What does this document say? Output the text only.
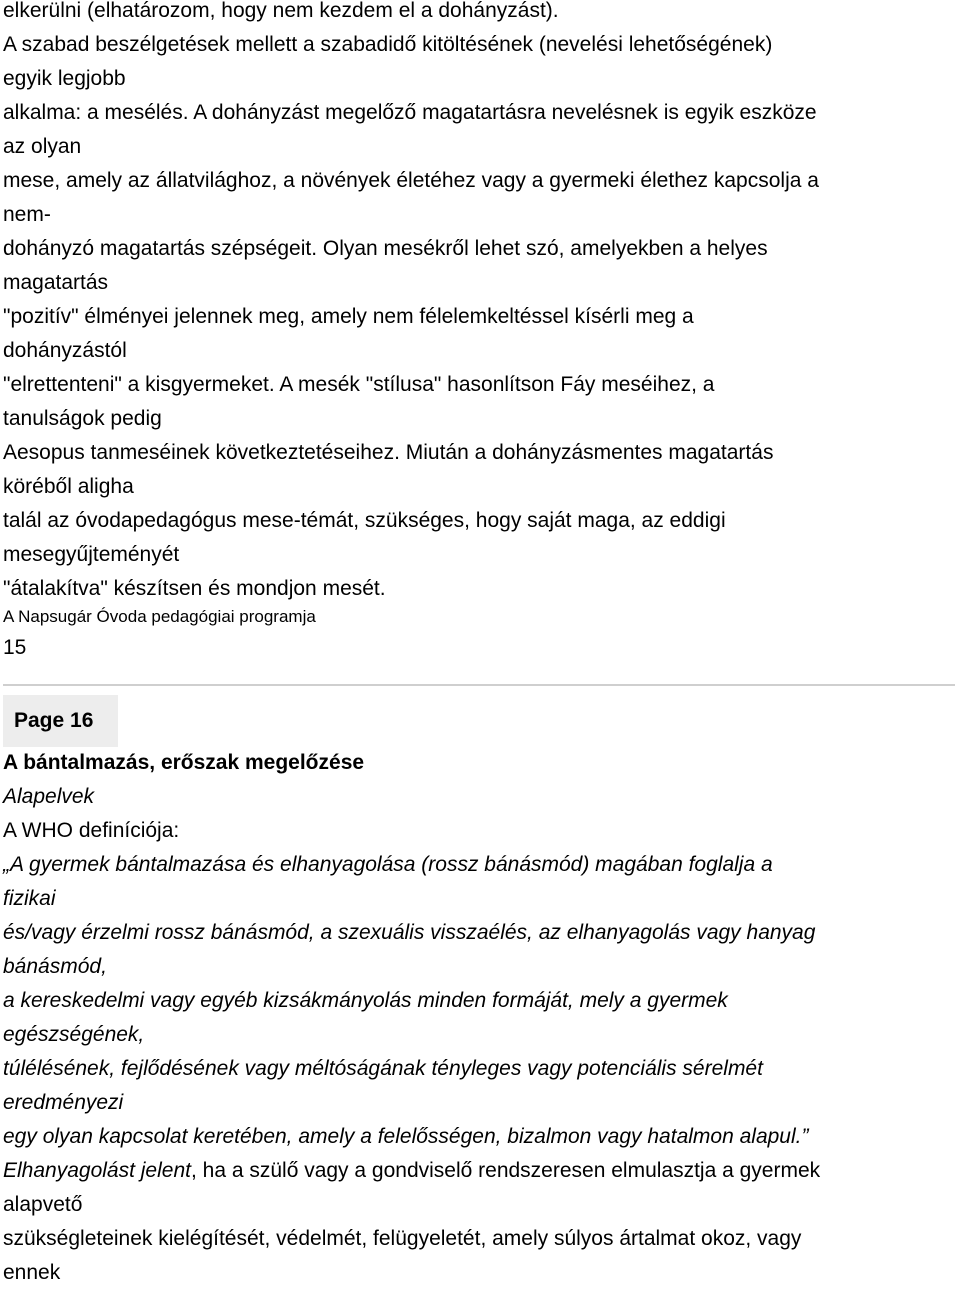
elkerülni (elhatározom, hogy nem kezdem el a dohányzást).
A szabad beszélgetések mellett a szabadidő kitöltésének (nevelési lehetőségének)
egyik legjobb
alkalma: a mesélés. A dohányzást megelőző magatartásra nevelésnek is egyik eszköze
az olyan
mese, amely az állatvilághoz, a növények életéhez vagy a gyermeki élethez kapcsolja a
nem-
dohányzó magatartás szépségeit. Olyan mesékről lehet szó, amelyekben a helyes
magatartás
"pozitív" élményei jelennek meg, amely nem félelemkeltéssel kísérli meg a
dohányzástól
"elrettenteni" a kisgyermeket. A mesék "stílusa" hasonlítson Fáy meséihez, a
tanulságok pedig
Aesopus tanmeséinek következtetéseihez. Miután a dohányzásmentes magatartás
köréből aligha
talál az óvodapedagógus mese-témát, szükséges, hogy saját maga, az eddigi
mesegyűjteményét
"átalakítva" készítsen és mondjon mesét.
A Napsugár Óvoda pedagógiai programja
15
Page 16
A bántalmazás, erőszak megelőzése
Alapelvek
A WHO definíciója:
„A gyermek bántalmazása és elhanyagolása (rossz bánásmód) magában foglalja a
fizikai
és/vagy érzelmi rossz bánásmód, a szexuális visszaélés, az elhanyagolás vagy hanyag
bánásmód,
a kereskedelmi vagy egyéb kizsákmányolás minden formáját, mely a gyermek
egészségének,
túlélésének, fejlődésének vagy méltóságának tényleges vagy potenciális sérelmét
eredményezi
egy olyan kapcsolat keretében, amely a felelősségen, bizalmon vagy hatalmon alapul.”
Elhanyagolást jelent, ha a szülő vagy a gondviselő rendszeresen elmulasztja a gyermek
alapvető
szükségleteinek kielégítését, védelmét, felügyeletét, amely súlyos ártalmat okoz, vagy
ennek
